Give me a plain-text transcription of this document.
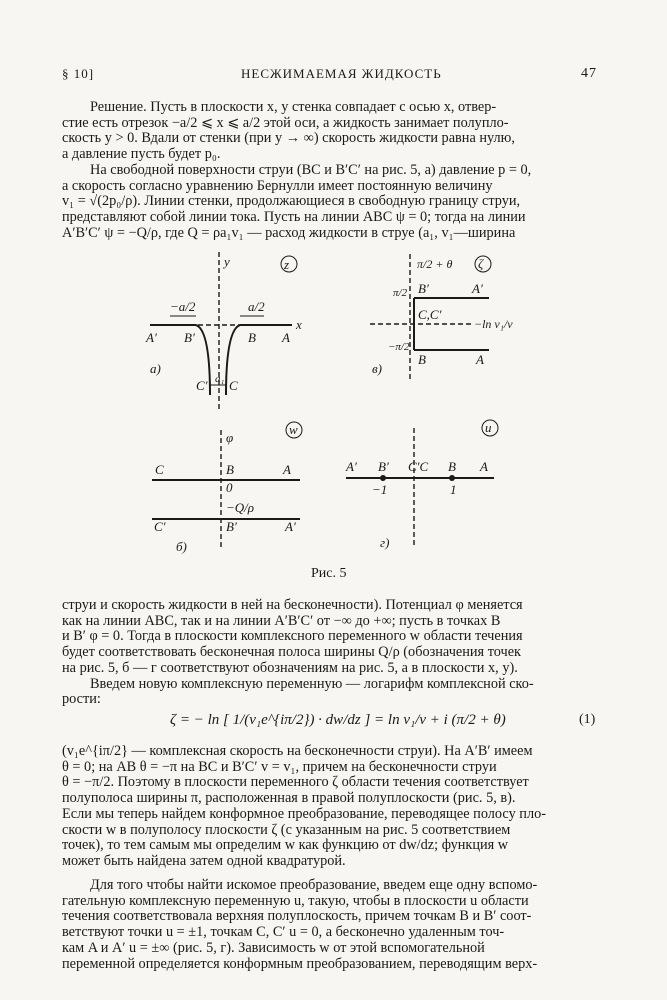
§ 10]	НЕСЖИМАЕМАЯ ЖИДКОСТЬ	47
Решение. Пусть в плоскости x, y стенка совпадает с осью x, отвер-
стие есть отрезок −a/2 ⩽ x ⩽ a/2 этой оси, а жидкость занимает полупло-
скость y > 0. Вдали от стенки (при y → ∞) скорость жидкости равна нулю,
а давление пусть будет p₀.
На свободной поверхности струи (BC и B′C′ на рис. 5, а) давление p = 0,
а скорость согласно уравнению Бернулли имеет постоянную величину
v₁ = √(2p₀/ρ). Линии стенки, продолжающиеся в свободную границу струи,
представляют собой линии тока. Пусть на линии ABC ψ = 0; тогда на линии
A′B′C′ ψ = −Q/ρ, где Q = ρa₁v₁ — расход жидкости в струе (a₁, v₁—ширина
y	z
x
−a/2	a/2
A′ B′	B A
C′ C
a₁
а)
φ
w
C	B	A
0
−Q/ρ
C′	B′	A′
б)
π/2 + θ ζ
π/2 B′	A′
C,C′
−ln v₁/v
−π/2
B	A
в)
u
A′ B′ C′C B A
−1	1
г)
Рис. 5
струи и скорость жидкости в ней на бесконечности). Потенциал φ меняется
как на линии ABC, так и на линии A′B′C′ от −∞ до +∞; пусть в точках B
и B′ φ = 0. Тогда в плоскости комплексного переменного w области течения
будет соответствовать бесконечная полоса ширины Q/ρ (обозначения точек
на рис. 5, б — г соответствуют обозначениям на рис. 5, а в плоскости x, y).
Введем новую комплексную переменную — логарифм комплексной ско-
рости:
ζ = − ln [ 1/(v₁e^{iπ/2}) · dw/dz ] = ln v₁/v + i (π/2 + θ)	(1)
(v₁e^{iπ/2} — комплексная скорость на бесконечности струи). На A′B′ имеем
θ = 0; на AB θ = −π на BC и B′C′ v = v₁, причем на бесконечности струи
θ = −π/2. Поэтому в плоскости переменного ζ области течения соответствует
полуполоса ширины π, расположенная в правой полуплоскости (рис. 5, в).
Если мы теперь найдем конформное преобразование, переводящее полосу пло-
скости w в полуполосу плоскости ζ (с указанным на рис. 5 соответствием
точек), то тем самым мы определим w как функцию от dw/dz; функция w
может быть найдена затем одной квадратурой.
Для того чтобы найти искомое преобразование, введем еще одну вспомо-
гательную комплексную переменную u, такую, чтобы в плоскости u области
течения соответствовала верхняя полуплоскость, причем точкам B и B′ соот-
ветствуют точки u = ±1, точкам C, C′ u = 0, а бесконечно удаленным точ-
кам A и A′ u = ±∞ (рис. 5, г). Зависимость w от этой вспомогательной
переменной определяется конформным преобразованием, переводящим верх-
